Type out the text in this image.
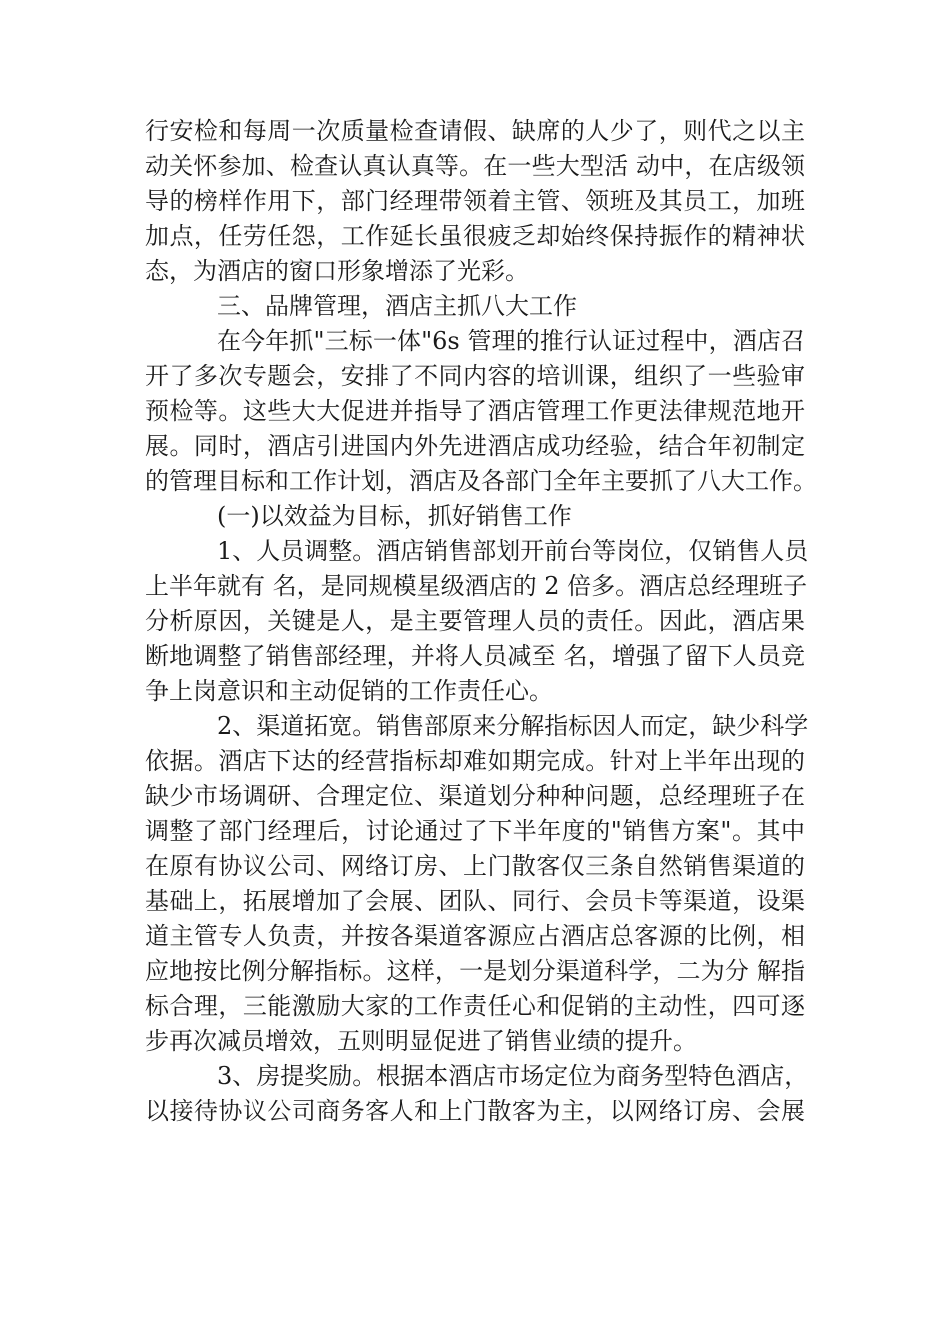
行安检和每周一次质量检查请假、缺席的人少了，则代之以主
动关怀参加、检查认真认真等。在一些大型活 动中，在店级领
导的榜样作用下，部门经理带领着主管、领班及其员工，加班
加点，任劳任怨，工作延长虽很疲乏却始终保持振作的精神状
态，为酒店的窗口形象增添了光彩。
三、品牌管理，酒店主抓八大工作
在今年抓"三标一体"6s 管理的推行认证过程中，酒店召
开了多次专题会，安排了不同内容的培训课，组织了一些验审
预检等。这些大大促进并指导了酒店管理工作更法律规范地开
展。同时，酒店引进国内外先进酒店成功经验，结合年初制定
的管理目标和工作计划，酒店及各部门全年主要抓了八大工作。
(一)以效益为目标，抓好销售工作
1、人员调整。酒店销售部划开前台等岗位，仅销售人员
上半年就有 名，是同规模星级酒店的 2 倍多。酒店总经理班子
分析原因，关键是人，是主要管理人员的责任。因此，酒店果
断地调整了销售部经理，并将人员减至 名，增强了留下人员竞
争上岗意识和主动促销的工作责任心。
2、渠道拓宽。销售部原来分解指标因人而定，缺少科学
依据。酒店下达的经营指标却难如期完成。针对上半年出现的
缺少市场调研、合理定位、渠道划分种种问题，总经理班子在
调整了部门经理后，讨论通过了下半年度的"销售方案"。其中
在原有协议公司、网络订房、上门散客仅三条自然销售渠道的
基础上，拓展增加了会展、团队、同行、会员卡等渠道，设渠
道主管专人负责，并按各渠道客源应占酒店总客源的比例，相
应地按比例分解指标。这样，一是划分渠道科学，二为分 解指
标合理，三能激励大家的工作责任心和促销的主动性，四可逐
步再次减员增效，五则明显促进了销售业绩的提升。
3、房提奖励。根据本酒店市场定位为商务型特色酒店，
以接待协议公司商务客人和上门散客为主，以网络订房、会展
